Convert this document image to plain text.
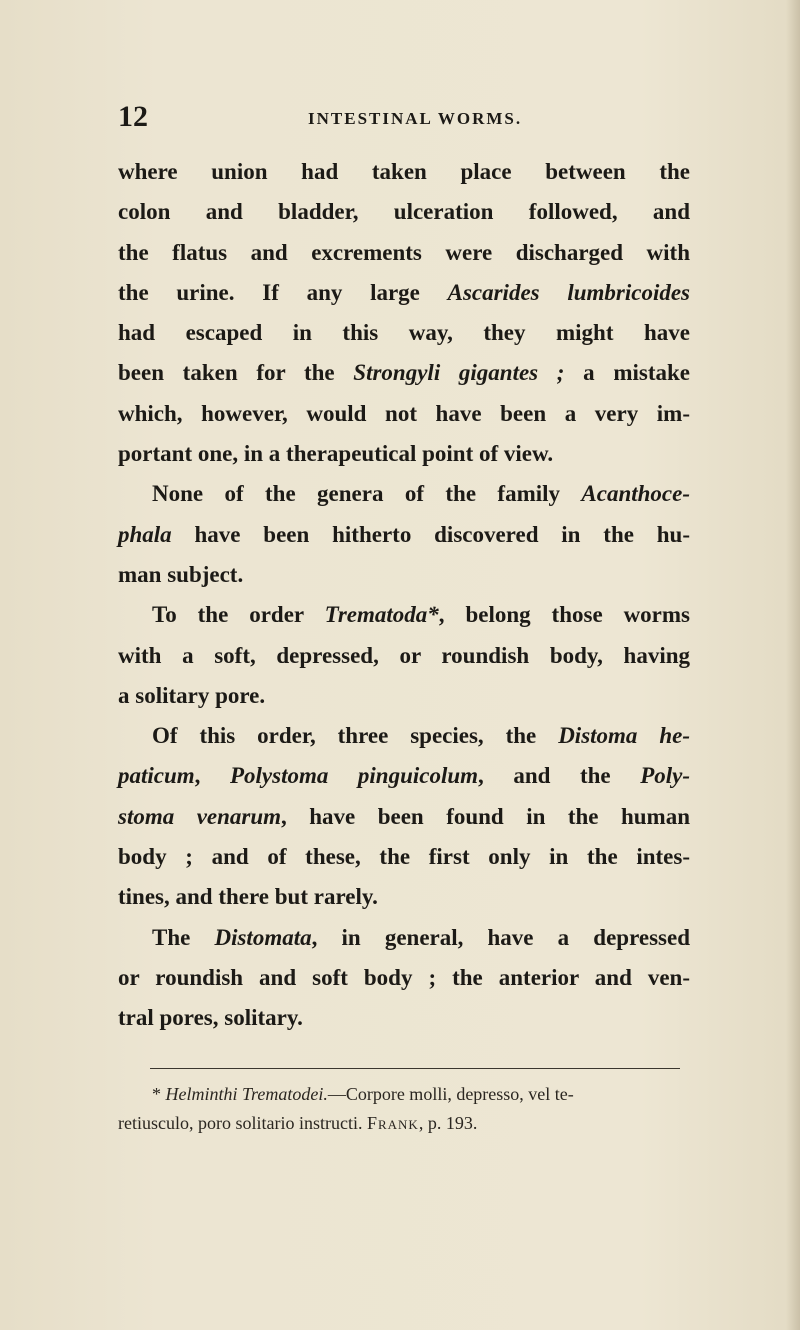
12	INTESTINAL WORMS.
where union had taken place between the
colon and bladder, ulceration followed, and
the flatus and excrements were discharged with
the urine. If any large Ascarides lumbricoides
had escaped in this way, they might have
been taken for the Strongyli gigantes ; a mistake
which, however, would not have been a very im-
portant one, in a therapeutical point of view.
None of the genera of the family Acanthoce-
phala have been hitherto discovered in the hu-
man subject.
To the order Trematoda*, belong those worms
with a soft, depressed, or roundish body, having
a solitary pore.
Of this order, three species, the Distoma he-
paticum, Polystoma pinguicolum, and the Poly-
stoma venarum, have been found in the human
body ; and of these, the first only in the intes-
tines, and there but rarely.
The Distomata, in general, have a depressed
or roundish and soft body ; the anterior and ven-
tral pores, solitary.
* Helminthi Trematodei.—Corpore molli, depresso, vel te-
retiusculo, poro solitario instructi. Frank, p. 193.
